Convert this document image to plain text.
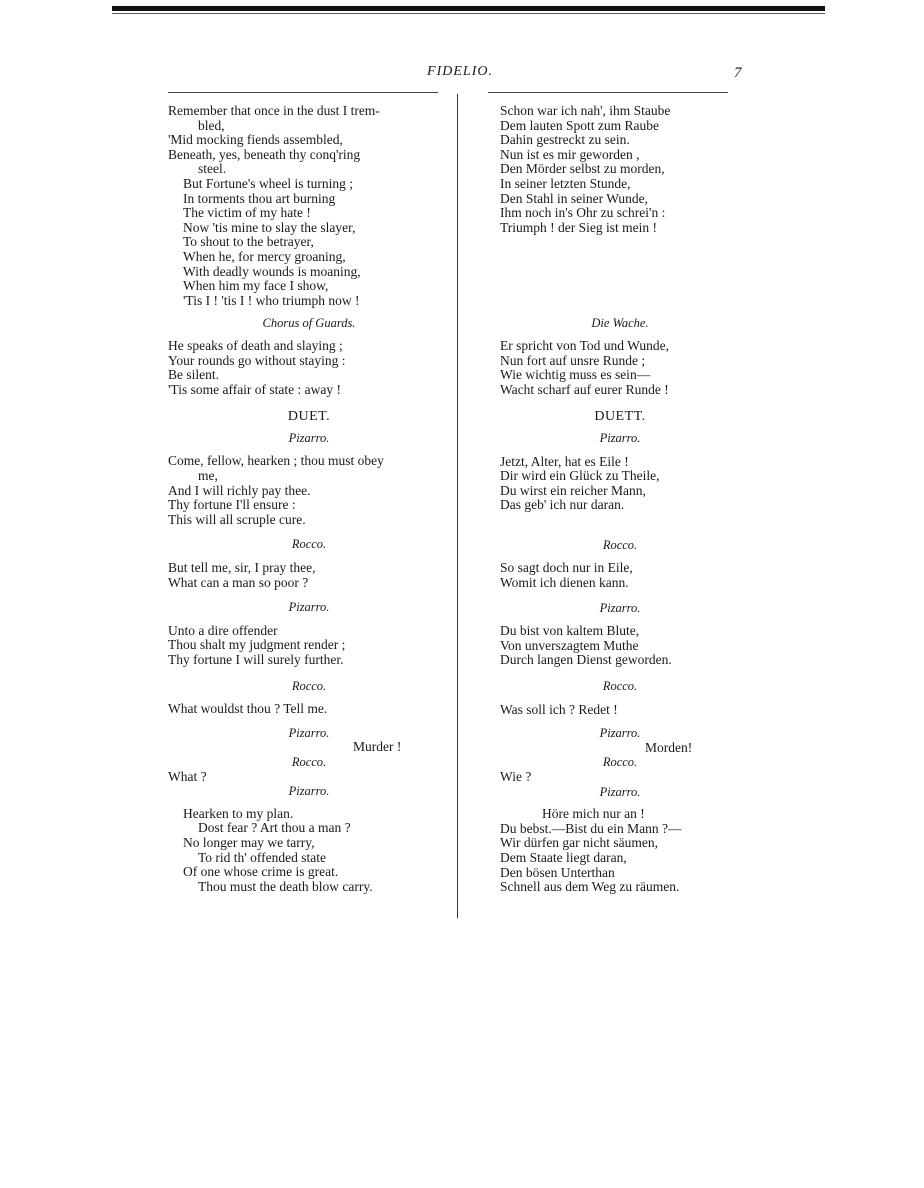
FIDELIO.	7
Remember that once in the dust I trem-
bled,
'Mid mocking fiends assembled,
Beneath, yes, beneath thy conq'ring
steel.
But Fortune's wheel is turning ;
In torments thou art burning
The victim of my hate !
Now 'tis mine to slay the slayer,
To shout to the betrayer,
When he, for mercy groaning,
With deadly wounds is moaning,
When him my face I show,
'Tis I ! 'tis I ! who triumph now !
Chorus of Guards.
He speaks of death and slaying ;
Your rounds go without staying :
Be silent.
'Tis some affair of state : away !
DUET.
Pizarro.
Come, fellow, hearken ; thou must obey
me,
And I will richly pay thee.
Thy fortune I'll ensure :
This will all scruple cure.
Rocco.
But tell me, sir, I pray thee,
What can a man so poor ?
Pizarro.
Unto a dire offender
Thou shalt my judgment render ;
Thy fortune I will surely further.
Rocco.
What wouldst thou ? Tell me.
Pizarro.
Murder !
Rocco.
What ?
Pizarro.
Hearken to my plan.
Dost fear ? Art thou a man ?
No longer may we tarry,
To rid th' offended state
Of one whose crime is great.
Thou must the death blow carry.
Schon war ich nah', ihm Staube
Dem lauten Spott zum Raube
Dahin gestreckt zu sein.
Nun ist es mir geworden ,
Den Mörder selbst zu morden,
In seiner letzten Stunde,
Den Stahl in seiner Wunde,
Ihm noch in's Ohr zu schrei'n :
Triumph ! der Sieg ist mein !
Die Wache.
Er spricht von Tod und Wunde,
Nun fort auf unsre Runde ;
Wie wichtig muss es sein—
Wacht scharf auf eurer Runde !
DUETT.
Pizarro.
Jetzt, Alter, hat es Eile !
Dir wird ein Glück zu Theile,
Du wirst ein reicher Mann,
Das geb' ich nur daran.
Rocco.
So sagt doch nur in Eile,
Womit ich dienen kann.
Pizarro.
Du bist von kaltem Blute,
Von unverszagtem Muthe
Durch langen Dienst geworden.
Rocco.
Was soll ich ? Redet !
Pizarro.
Morden!
Rocco.
Wie ?
Pizarro.
Höre mich nur an !
Du bebst.—Bist du ein Mann ?—
Wir dürfen gar nicht säumen,
Dem Staate liegt daran,
Den bösen Unterthan
Schnell aus dem Weg zu räumen.
